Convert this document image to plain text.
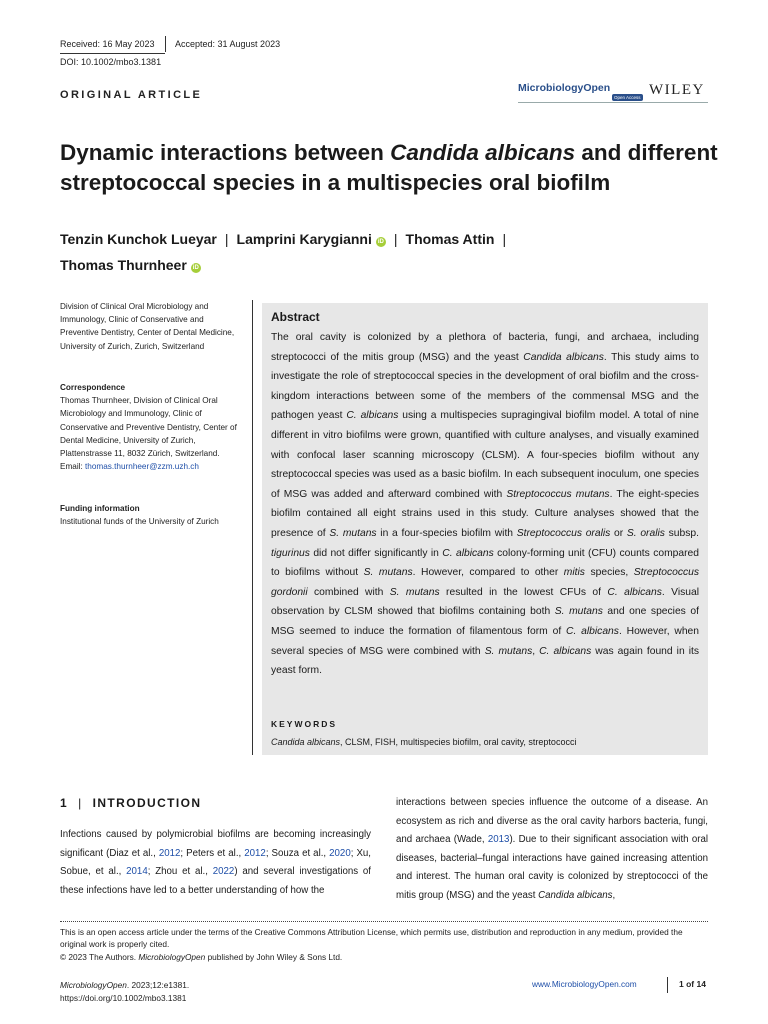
Received: 16 May 2023 Accepted: 31 August 2023
DOI: 10.1002/mbo3.1381
ORIGINAL ARTICLE
MicrobiologyOpen
Open Access WILEY
Dynamic interactions between Candida albicans and different streptococcal species in a multispecies oral biofilm
Tenzin Kunchok Lueyar | Lamprini Karygianni iD | Thomas Attin |
Thomas Thurnheer iD
Division of Clinical Oral Microbiology and Immunology, Clinic of Conservative and Preventive Dentistry, Center of Dental Medicine, University of Zurich, Zurich, Switzerland
Correspondence
Thomas Thurnheer, Division of Clinical Oral Microbiology and Immunology, Clinic of Conservative and Preventive Dentistry, Center of Dental Medicine, University of Zurich, Plattenstrasse 11, 8032 Zürich, Switzerland.
Email: thomas.thurnheer@zzm.uzh.ch
Funding information
Institutional funds of the University of Zurich
Abstract
The oral cavity is colonized by a plethora of bacteria, fungi, and archaea, including streptococci of the mitis group (MSG) and the yeast Candida albicans. This study aims to investigate the role of streptococcal species in the development of oral biofilm and the cross-kingdom interactions between some of the members of the commensal MSG and the pathogen yeast C. albicans using a multispecies supragingival biofilm model. A total of nine different in vitro biofilms were grown, quantified with culture analyses, and visually examined with confocal laser scanning microscopy (CLSM). A four-species biofilm without any streptococcal species was used as a basic biofilm. In each subsequent inoculum, one species of MSG was added and afterward combined with Streptococcus mutans. The eight-species biofilm contained all eight strains used in this study. Culture analyses showed that the presence of S. mutans in a four-species biofilm with Streptococcus oralis or S. oralis subsp. tigurinus did not differ significantly in C. albicans colony-forming unit (CFU) counts compared to biofilms without S. mutans. However, compared to other mitis species, Streptococcus gordonii combined with S. mutans resulted in the lowest CFUs of C. albicans. Visual observation by CLSM showed that biofilms containing both S. mutans and one species of MSG seemed to induce the formation of filamentous form of C. albicans. However, when several species of MSG were combined with S. mutans, C. albicans was again found in its yeast form.
KEYWORDS
Candida albicans, CLSM, FISH, multispecies biofilm, oral cavity, streptococci
1 | INTRODUCTION
Infections caused by polymicrobial biofilms are becoming increasingly significant (Diaz et al., 2012; Peters et al., 2012; Souza et al., 2020; Xu, Sobue, et al., 2014; Zhou et al., 2022) and several investigations of these infections have led to a better understanding of how the
interactions between species influence the outcome of a disease. An ecosystem as rich and diverse as the oral cavity harbors bacteria, fungi, and archaea (Wade, 2013). Due to their significant association with oral diseases, bacterial–fungal interactions have gained increasing attention and interest. The human oral cavity is colonized by streptococci of the mitis group (MSG) and the yeast Candida albicans,
This is an open access article under the terms of the Creative Commons Attribution License, which permits use, distribution and reproduction in any medium, provided the original work is properly cited.
© 2023 The Authors. MicrobiologyOpen published by John Wiley & Sons Ltd.
MicrobiologyOpen. 2023;12:e1381.
https://doi.org/10.1002/mbo3.1381
www.MicrobiologyOpen.com	1 of 14
